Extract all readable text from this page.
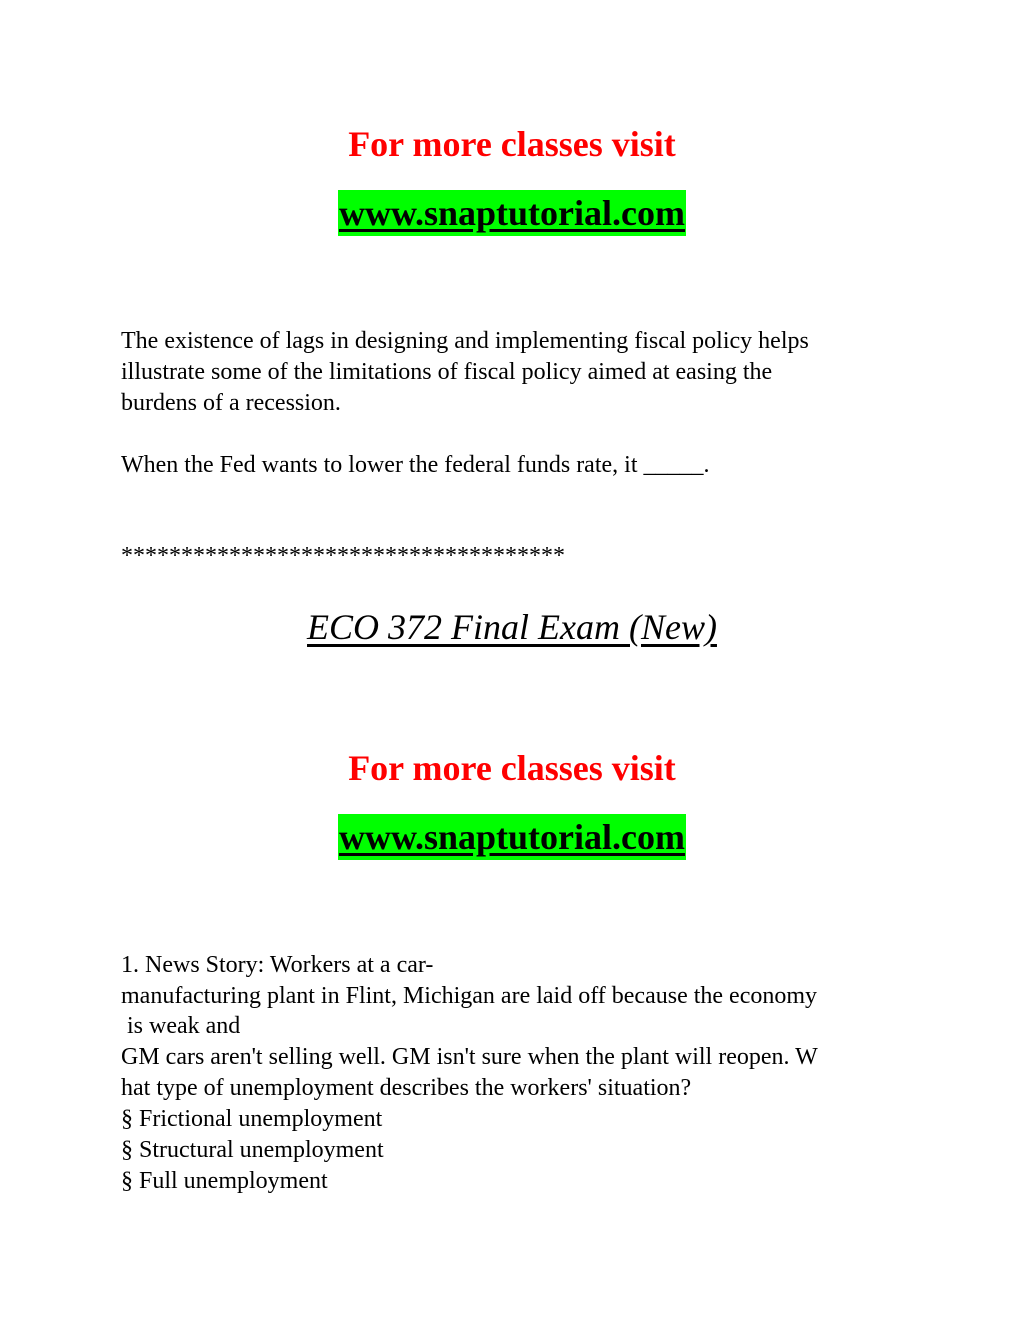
For more classes visit
www.snaptutorial.com

The existence of lags in designing and implementing fiscal policy helps

illustrate some of the limitations of fiscal policy aimed at easing the

burdens of a recession.

When the Fed wants to lower the federal funds rate, it _____.

*************************************

ECO 372 Final Exam (New)
For more classes visit
www.snaptutorial.com

1. News Story: Workers at a car-

manufacturing plant in Flint, Michigan are laid off because the economy

is weak and

GM cars aren't selling well. GM isn't sure when the plant will reopen. W

hat type of unemployment describes the workers' situation?

§ Frictional unemployment

§ Structural unemployment

§ Full unemployment
